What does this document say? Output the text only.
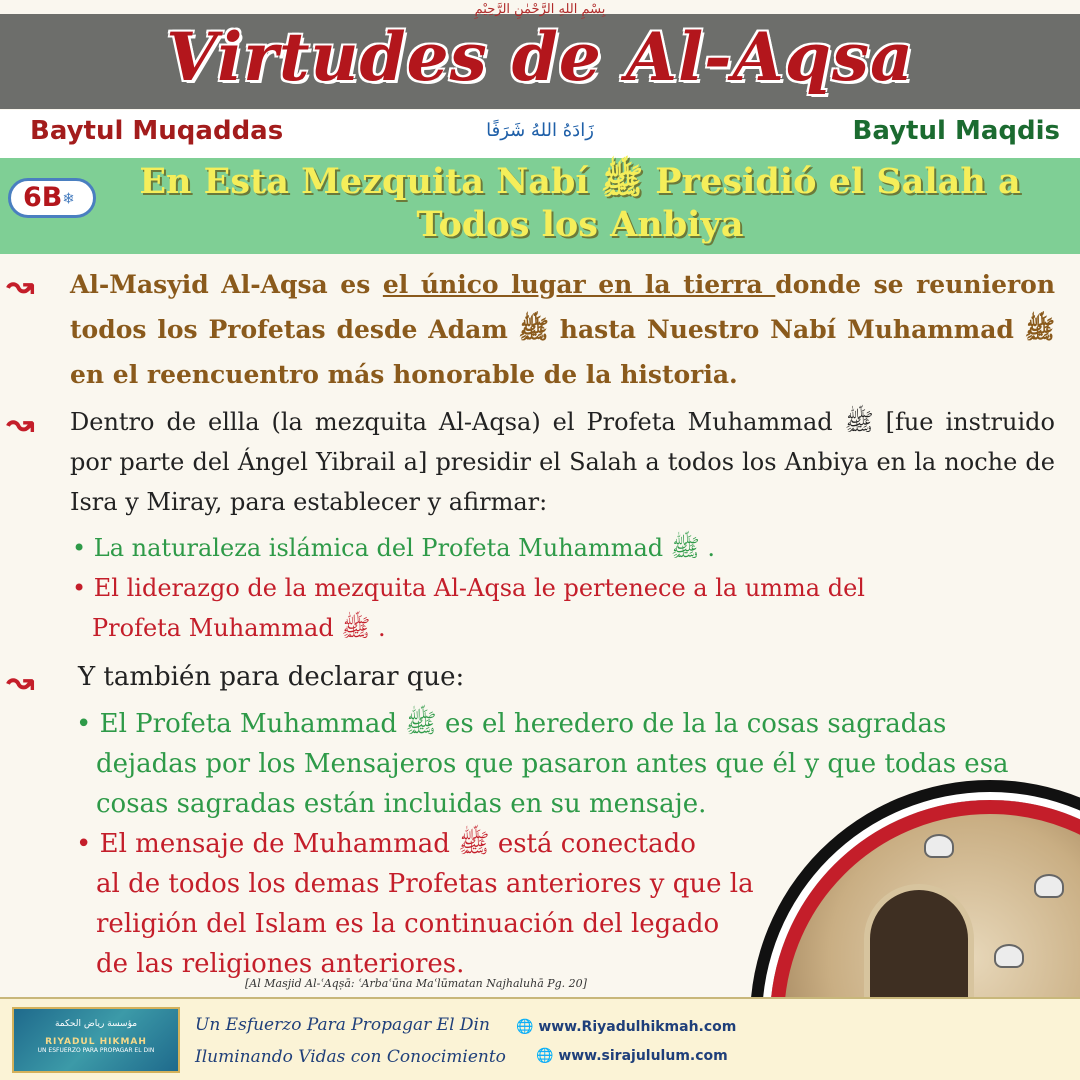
بِسْمِ اللهِ الرَّحْمٰنِ الرَّحِيْمِ
Virtudes de Al-Aqsa
Baytul Muqaddas	زَادَهُ اللهُ شَرَفًا	Baytul Maqdis
6B❄	En Esta Mezquita Nabí ﷺ Presidió el Salah a
Todos los Anbiya
↝ Al-Masyid Al-Aqsa es el único lugar en la tierra donde se reunieron todos los Profetas desde Adam ﷺ hasta Nuestro Nabí Muhammad ﷺ en el reencuentro más honorable de la historia.
↝ Dentro de ellla (la mezquita Al-Aqsa) el Profeta Muhammad ﷺ [fue instruido por parte del Ángel Yibrail a] presidir el Salah a todos los Anbiya en la noche de Isra y Miray, para establecer y afirmar:
• La naturaleza islámica del Profeta Muhammad ﷺ .
• El liderazgo de la mezquita Al-Aqsa le pertenece a la umma del
Profeta Muhammad ﷺ .
↝ Y también para declarar que:
• El Profeta Muhammad ﷺ es el heredero de la la cosas sagradas
dejadas por los Mensajeros que pasaron antes que él y que todas esa
cosas sagradas están incluidas en su mensaje.
• El mensaje de Muhammad ﷺ está conectado
al de todos los demas Profetas anteriores y que la
religión del Islam es la continuación del legado
de las religiones anteriores.
[Al Masjid Al-ʿAqṣā: ʿArbaʿūna Maʿlūmatan Najhaluhā Pg. 20]
مؤسسة رياض الحكمة
RIYADUL HIKMAH
UN ESFUERZO PARA PROPAGAR EL DIN
Un Esfuerzo Para Propagar El Din
Iluminando Vidas con Conocimiento
🌐 www.Riyadulhikmah.com
🌐 www.sirajululum.com
